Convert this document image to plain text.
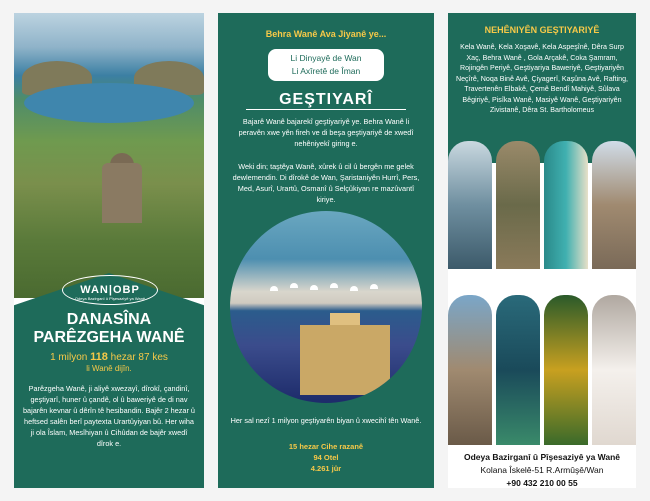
WAN|OBP
Odeya Bazirganî û Pîşesaziyê ya Wanê
DANASÎNA
PARÊZGEHA WANÊ
1 milyon 118 hezar 87 kes
li Wanê dijîn.
Parêzgeha Wanê, ji aliyê xwezayî, dîrokî, çandinî, geştiyarî, huner û çandê, ol û baweriyê de di nav bajarên kevnar û dêrîn tê hesibandin. Bajêr 2 hezar û heftsed salên berî paytexta Urartûyiyan bû. Her wiha ji ola Îslam, Mesîhiyan û Cihûdan de bajêr xwedî dîrok e.
Behra Wanê Ava Jiyanê ye...
Li Dinyayê de Wan
Li Axîretê de Îman
GEŞTIYARÎ
Bajarê Wanê bajarekî geştiyariyê ye. Behra Wanê li peravên xwe yên fireh ve di beşa geştiyariyê de xwedî nehêniyekî giring e.
Weki din; taştêya Wanê, xûrek û cil û bergên me gelek dewlemendin. Di dîrokê de Wan, Şaristaniyên Hurrî, Pers, Med, Asurî, Urartû, Osmanî û Selçûkiyan re mazûvantî kiriye.
Her sal nezî 1 milyon geştiyarên biyan û xwecihî tên Wanê.
15 hezar Cihe razanê
94 Otel
4.261 jûr
NEHÊNIYÊN GEŞTIYARIYÊ
Kela Wanê, Kela Xoşavê, Kela Aspeşînê, Dêra Surp Xaç, Behra Wanê , Gola Arçakê, Coka Şamram, Rojingên Periyê, Geştiyariya Baweriyê, Geştiyariyên Neçîrê, Noqa Binê Avê, Çiyagerî, Kaşûna Avê, Rafting, Travertenên Elbakê, Çemê Bendî Mahiyê, Sûlava Bêgiriyê, Pisîka Wanê, Masiyê Wanê, Geştiyariyên Zivistanê, Dêra St. Bartholomeus
Odeya Bazirganî û Pîşesaziyê ya Wanê
Kolana Îskelê-51 R.Armûşê/Wan
+90 432 210 00 55
